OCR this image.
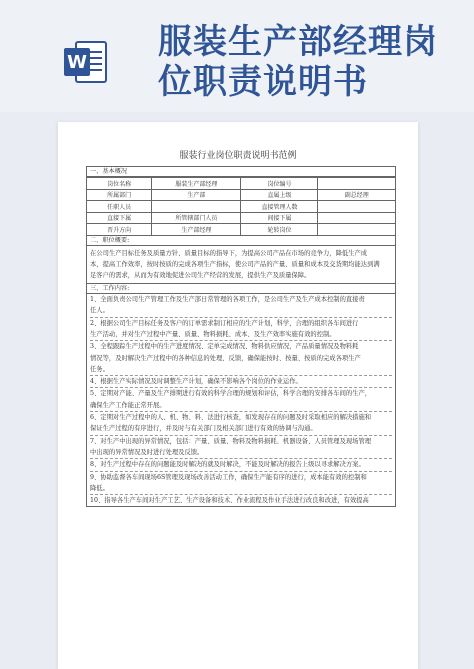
W
服装生产部经理岗
位职责说明书
服装行业岗位职责说明书范例
一、基本概况
岗位名称	服装生产部经理	岗位编号	
所属部门	生产部	直属上级	副总经理
任职人员		直接管理人数	
直接下属	所管辖部门人员	间接下属	
晋升方向	生产部经理	轮转岗位	
二、职位概要:

在公司生产目标任务及质量方针、质量目标的指导下，为提高公司产品在市场的竞争力，降低生产成

本，提高工作效率，按时按质的完成各项生产指标，使公司产品的产量、质量和成本及交货期均能达到满

足客户的需求，从而为有效地促进公司生产经营的发展，提供生产及质量保障。

三、工作内容:

1、全面负责公司生产管理工作及生产部日常管理的各项工作，是公司生产及生产成本控制的直接责

任人。

2、根据公司生产目标任务及客户的订单需求制订相应的生产计划，科学，合理的组织各车间进行

生产活动，并对生产过程中产量、质量、物料损耗、成本、及生产效率实施有效的控制。

3、全程跟踪生产过程中的生产进度情况、定单完成情况、物料供应情况，产品质量情况及物料耗

情况等，及时解决生产过程中的各种信息的处理、反馈，确保能按时、按量、按质的完成各项生产

任务。

4、根据生产实际情况及时调整生产计划，确保不影响各个岗位的作业运作。

5、定期对产能、产量及生产排期进行有效的科学合理的规划和评估，科学合理的安排各车间的生产，

确保生产工作能正常开展。

6、定期对生产过程中的人、机、物、料、法进行核查，如发现存在的问题及时采取相应的解决措施和

保证生产过程的有序进行，并及时与有关部门及相关部门进行有效的协调与沟通。

7、对生产中出现的异常情况，包括：产量、质量、物料及物料损耗、机器设备、人员管理及现场管理

中出现的异常情况及时进行处理及反馈。

8、对生产过程中存在的问题能及时解决的就及时解决，不能及时解决的报告上级以寻求解决方案。

9、协助监督各车间现场6S管理及现场改善活动工作，确保生产能有序的进行，成本能有效的控制和

降低。

10、指导各生产车间对生产工艺、生产设备和技术、作业流程及作业手法进行改良和改进，有效提高
